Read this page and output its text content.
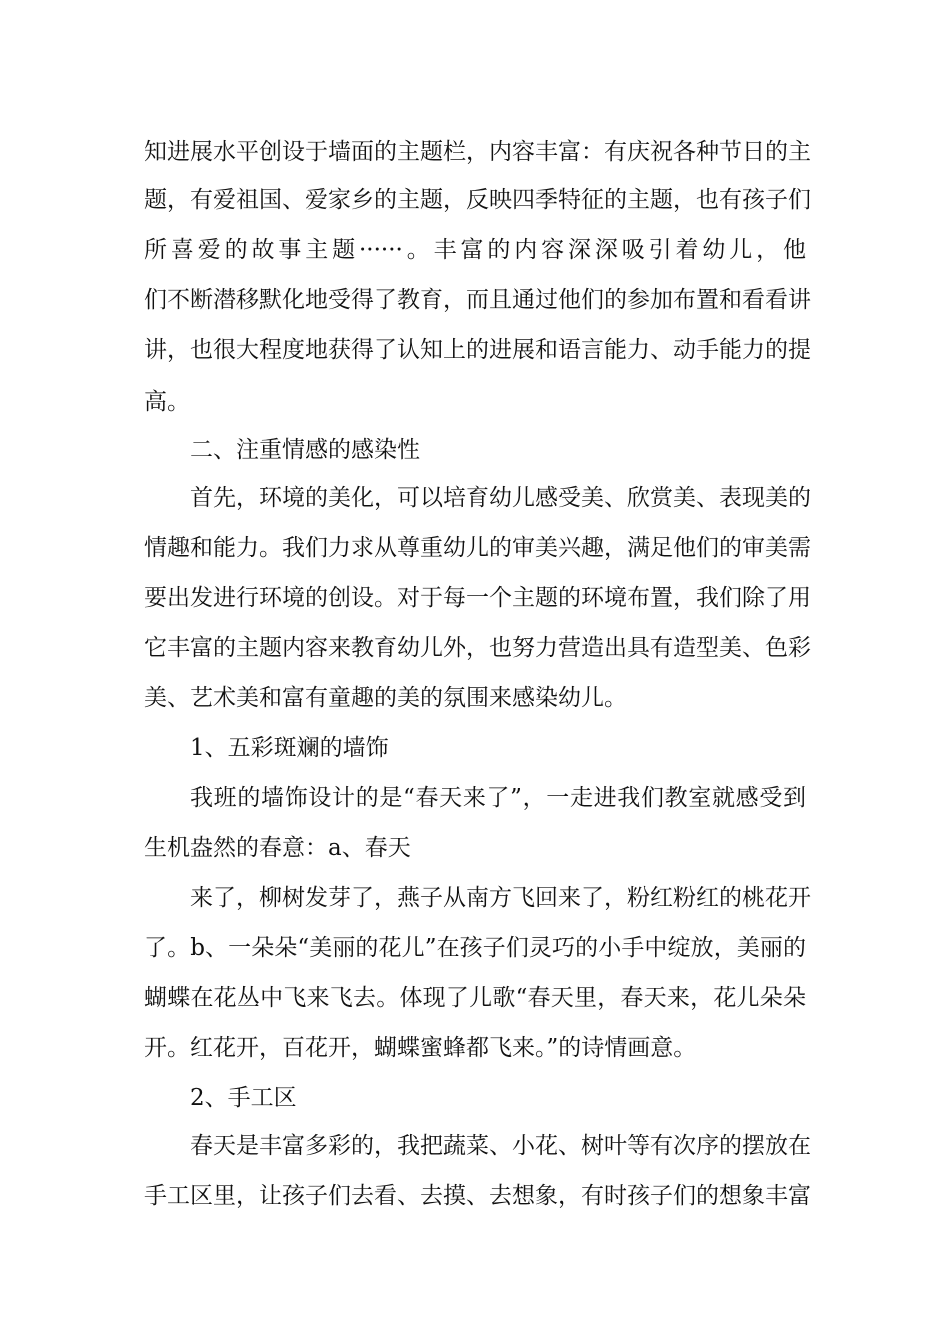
知进展水平创设于墙面的主题栏，内容丰富：有庆祝各种节日的主
题，有爱祖国、爱家乡的主题，反映四季特征的主题，也有孩子们
所喜爱的故事主题······。丰富的内容深深吸引着幼儿，他
们不断潜移默化地受得了教育，而且通过他们的参加布置和看看讲
讲，也很大程度地获得了认知上的进展和语言能力、动手能力的提
高。
二、注重情感的感染性
首先，环境的美化，可以培育幼儿感受美、欣赏美、表现美的
情趣和能力。我们力求从尊重幼儿的审美兴趣，满足他们的审美需
要出发进行环境的创设。对于每一个主题的环境布置，我们除了用
它丰富的主题内容来教育幼儿外，也努力营造出具有造型美、色彩
美、艺术美和富有童趣的美的氛围来感染幼儿。
1、五彩斑斓的墙饰
我班的墙饰设计的是“春天来了”，一走进我们教室就感受到
生机盎然的春意：a、春天
来了，柳树发芽了，燕子从南方飞回来了，粉红粉红的桃花开
了。b、一朵朵“美丽的花儿”在孩子们灵巧的小手中绽放，美丽的
蝴蝶在花丛中飞来飞去。体现了儿歌“春天里，春天来，花儿朵朵
开。红花开，百花开，蝴蝶蜜蜂都飞来。”的诗情画意。
2、手工区
春天是丰富多彩的，我把蔬菜、小花、树叶等有次序的摆放在
手工区里，让孩子们去看、去摸、去想象，有时孩子们的想象丰富
